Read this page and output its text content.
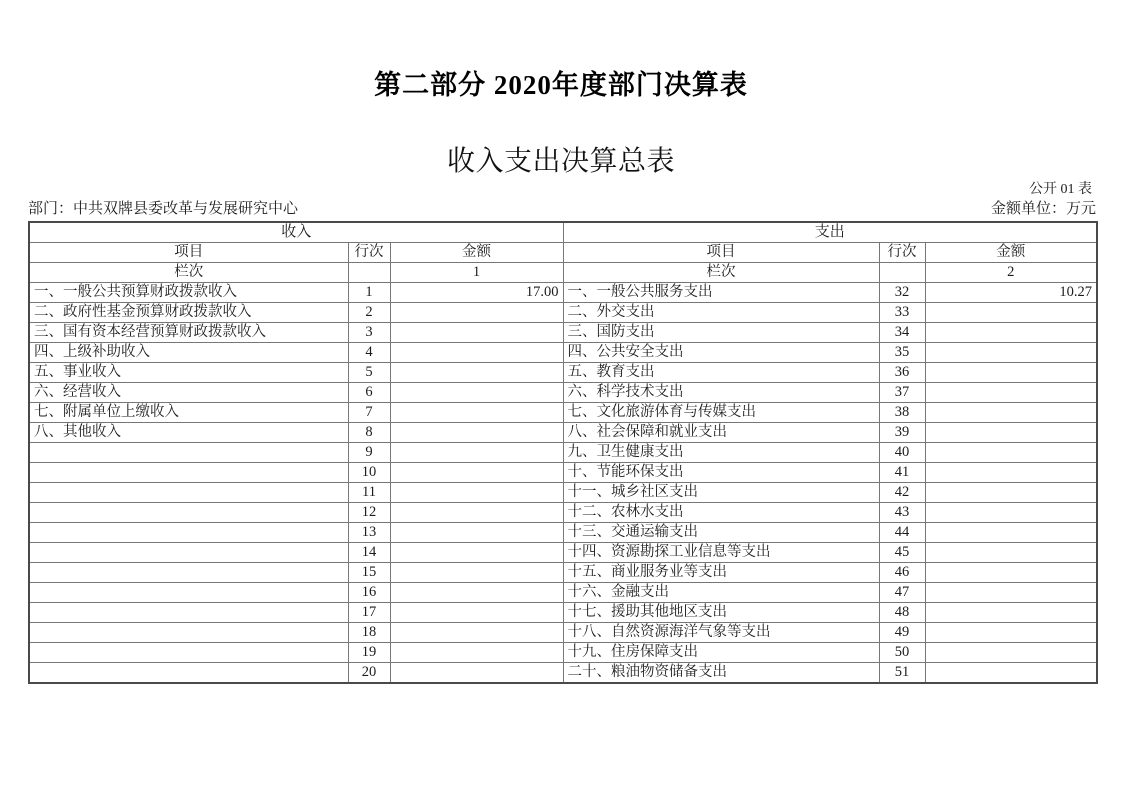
第二部分 2020年度部门决算表
收入支出决算总表
公开 01 表
部门：中共双牌县委改革与发展研究中心	金额单位：万元
收入			支出		
项目	行次	金额	项目	行次	金额
栏次		1	栏次		2
一、一般公共预算财政拨款收入	1	17.00	一、一般公共服务支出	32	10.27
二、政府性基金预算财政拨款收入	2		二、外交支出	33	
三、国有资本经营预算财政拨款收入	3		三、国防支出	34	
四、上级补助收入	4		四、公共安全支出	35	
五、事业收入	5		五、教育支出	36	
六、经营收入	6		六、科学技术支出	37	
七、附属单位上缴收入	7		七、文化旅游体育与传媒支出	38	
八、其他收入	8		八、社会保障和就业支出	39	
	9		九、卫生健康支出	40	
	10		十、节能环保支出	41	
	11		十一、城乡社区支出	42	
	12		十二、农林水支出	43	
	13		十三、交通运输支出	44	
	14		十四、资源勘探工业信息等支出	45	
	15		十五、商业服务业等支出	46	
	16		十六、金融支出	47	
	17		十七、援助其他地区支出	48	
	18		十八、自然资源海洋气象等支出	49	
	19		十九、住房保障支出	50	
	20		二十、粮油物资储备支出	51	
